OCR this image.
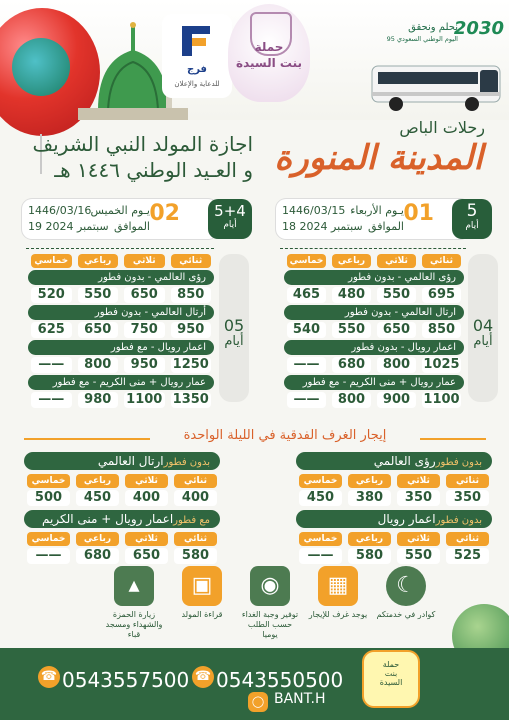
فرج
للدعاية والإعلان
حملة
بنت السيدة
2030
نحلم ونحقق
اليوم الوطني السعودي 95
رحلات الباص
المدينة المنورة
اجازة المولد النبي الشريف
و العـيد الوطني ١٤٤٦ هـ
يـوم الأربعاء
1446/03/15
الموافق
18 سبتمبر 2024
01	5
أيام
يـوم الخميس
1446/03/16
الموافق
19 سبتمبر 2024
02	5+4
أيام
04
أيام
05
أيام
ثنائي
ثلاثي
رباعي
خماسي
رؤى العالمي - بدون فطور
695
550
480
465
ارتال العالمي - بدون فطور
850
650
550
540
اعمار رويال - بدون فطور
1025
800
680
——
عمار رويال + منى الكريم - مع فطور
1100
900
800
——
ثنائي
ثلاثي
رباعي
خماسي
رؤى العالمي - بدون فطور
850
650
550
520
أرتال العالمي - بدون فطور
950
750
650
625
اعمار رويال - مع فطور
1250
950
800
——
عمار رويال + منى الكريم - مع فطور
1350
1100
980
——
إيجار الغرف الفدقية في الليلة الواحدة
بدون فطوررؤى العالمي
ثنائي
350
ثلاثي
350
رباعي
380
خماسي
450
بدون فطورارتال العالمي
ثنائي
400
ثلاثي
400
رباعي
450
خماسي
500
بدون فطوراعمار رويال
ثنائي
525
ثلاثي
550
رباعي
580
خماسي
——
مع فطوراعمار رويال + منى الكريم
ثنائي
580
ثلاثي
650
رباعي
680
خماسي
——
☾
كوادر في خدمتكم
▦
يوجد غرف للإيجار
◉
توفير وجبة الغداء حسب الطلب يوميا
▣
قراءة المولد
▴
زيارة الحمزة والشهداء ومسجد قباء
☎ 0543557500 ☎ 0543550500
حملة
بنت
السيدة
◯ BANT.H
